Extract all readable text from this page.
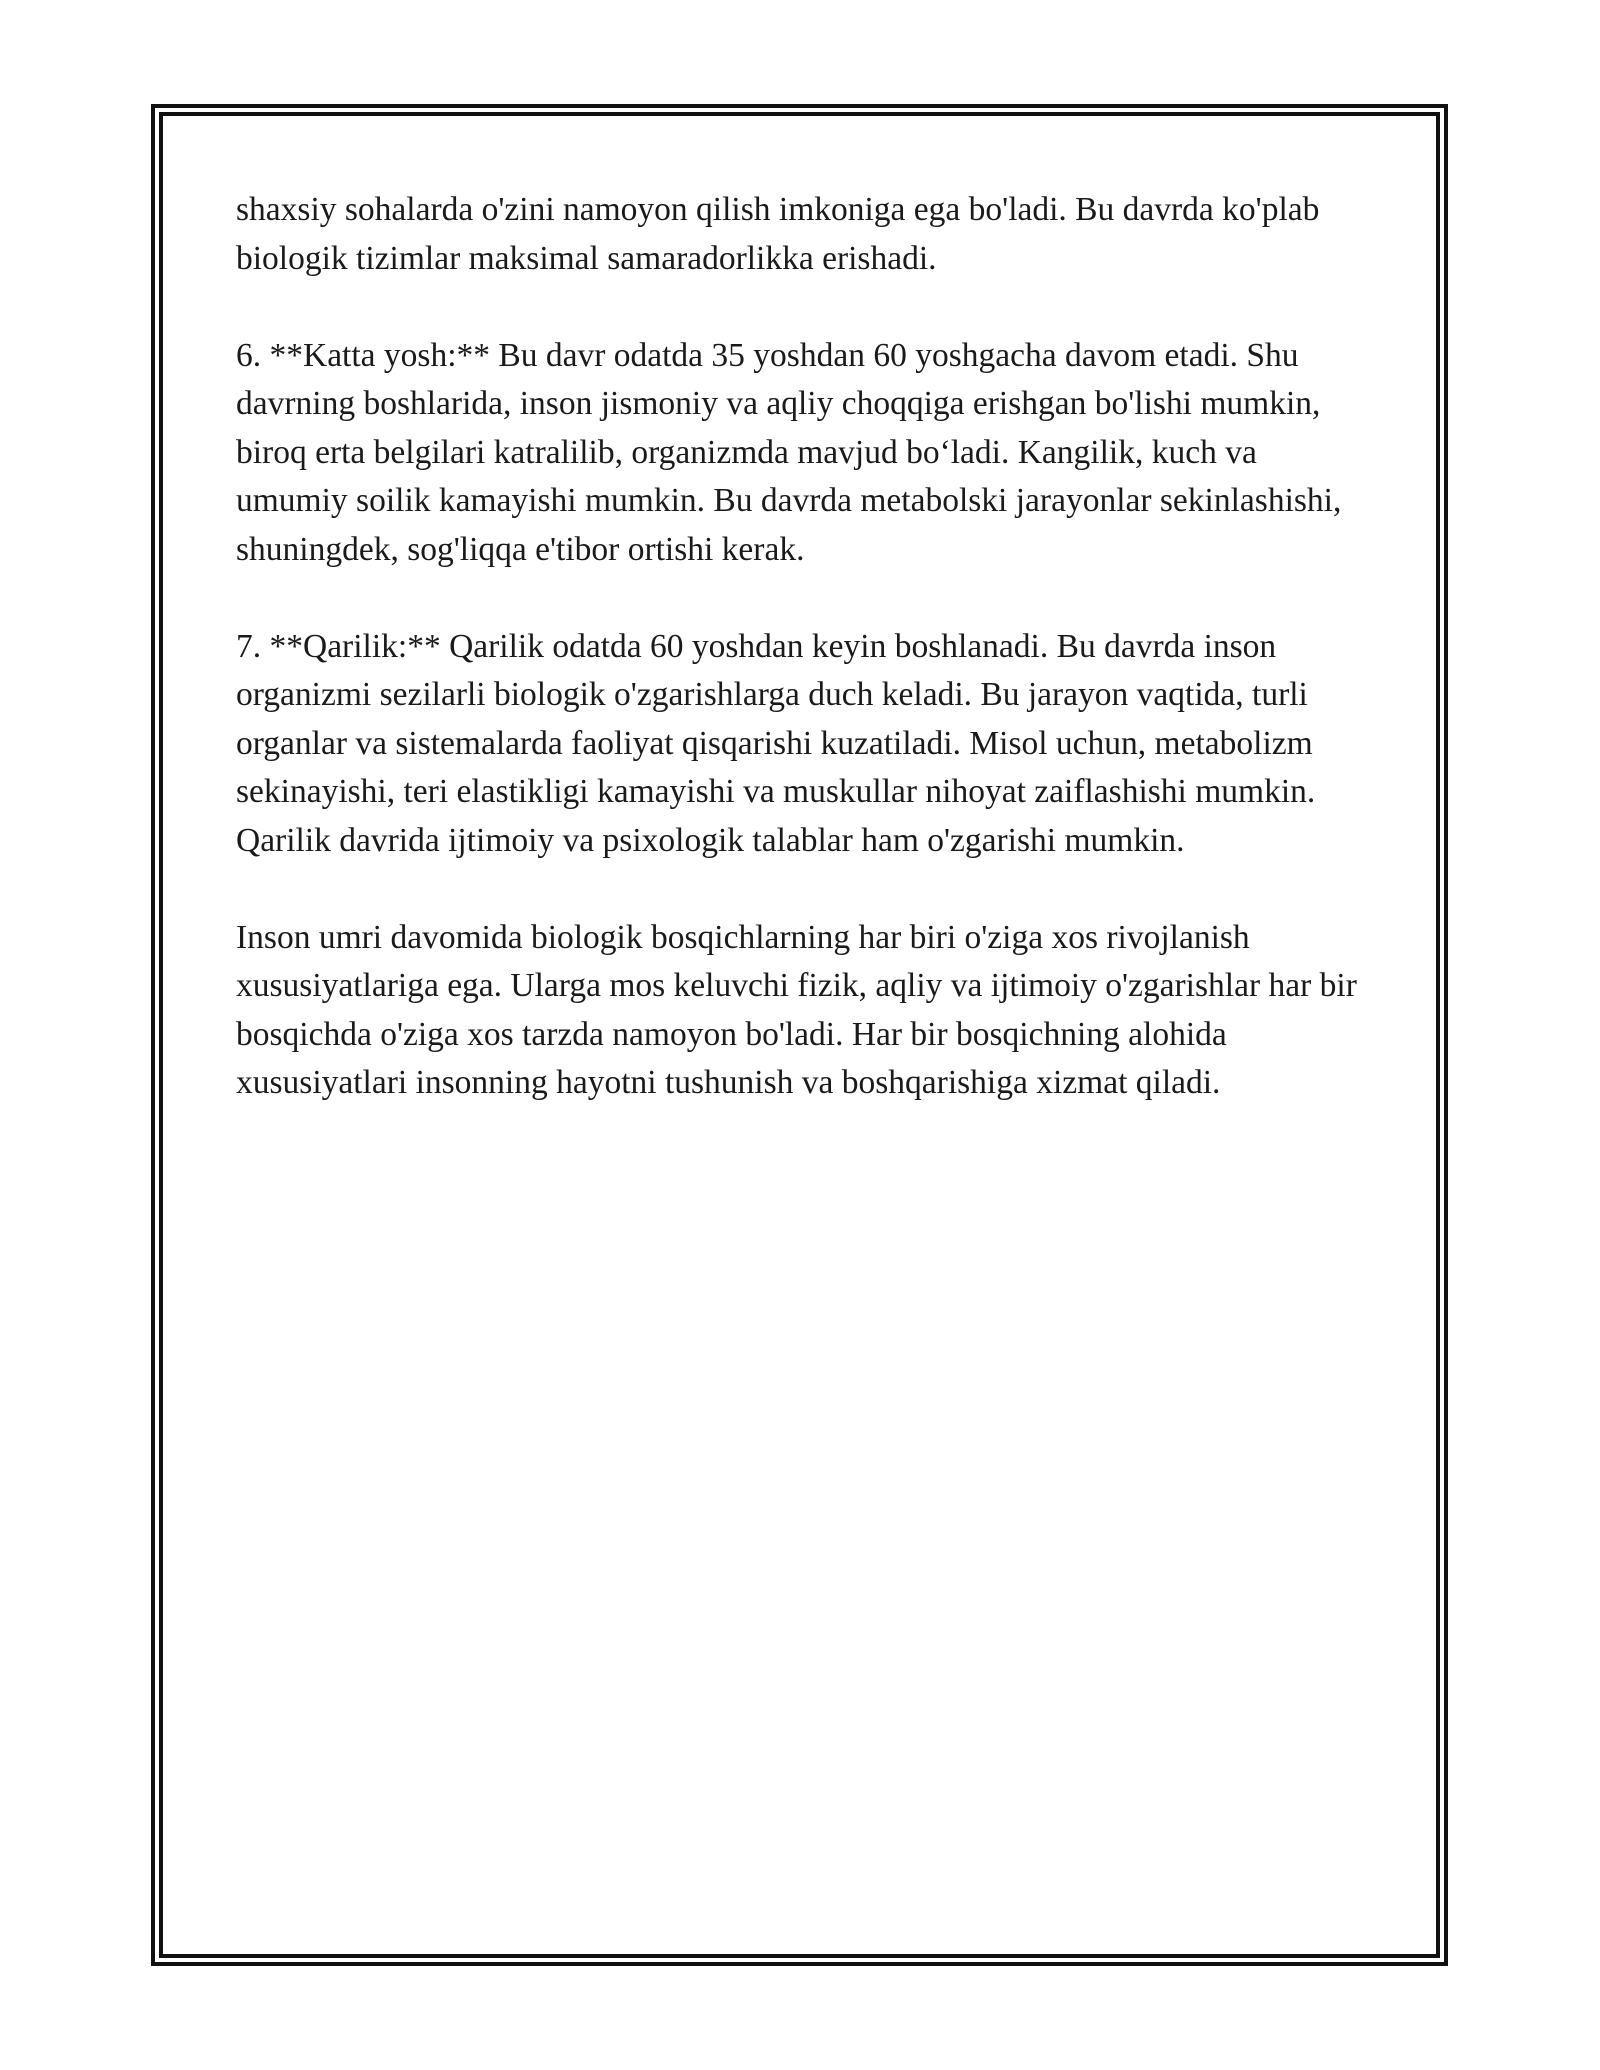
shaxsiy sohalarda o'zini namoyon qilish imkoniga ega bo'ladi. Bu davrda ko'plab biologik tizimlar maksimal samaradorlikka erishadi.

6. **Katta yosh:** Bu davr odatda 35 yoshdan 60 yoshgacha davom etadi. Shu davrning boshlarida, inson jismoniy va aqliy choqqiga erishgan bo'lishi mumkin, biroq erta belgilari katralilib, organizmda mavjud bo‘ladi. Kangilik, kuch va umumiy soilik kamayishi mumkin. Bu davrda metabolski jarayonlar sekinlashishi, shuningdek, sog'liqqa e'tibor ortishi kerak.

7. **Qarilik:** Qarilik odatda 60 yoshdan keyin boshlanadi. Bu davrda inson organizmi sezilarli biologik o'zgarishlarga duch keladi. Bu jarayon vaqtida, turli organlar va sistemalarda faoliyat qisqarishi kuzatiladi. Misol uchun, metabolizm sekinayishi, teri elastikligi kamayishi va muskullar nihoyat zaiflashishi mumkin. Qarilik davrida ijtimoiy va psixologik talablar ham o'zgarishi mumkin.

Inson umri davomida biologik bosqichlarning har biri o'ziga xos rivojlanish xususiyatlariga ega. Ularga mos keluvchi fizik, aqliy va ijtimoiy o'zgarishlar har bir bosqichda o'ziga xos tarzda namoyon bo'ladi. Har bir bosqichning alohida xususiyatlari insonning hayotni tushunish va boshqarishiga xizmat qiladi.
